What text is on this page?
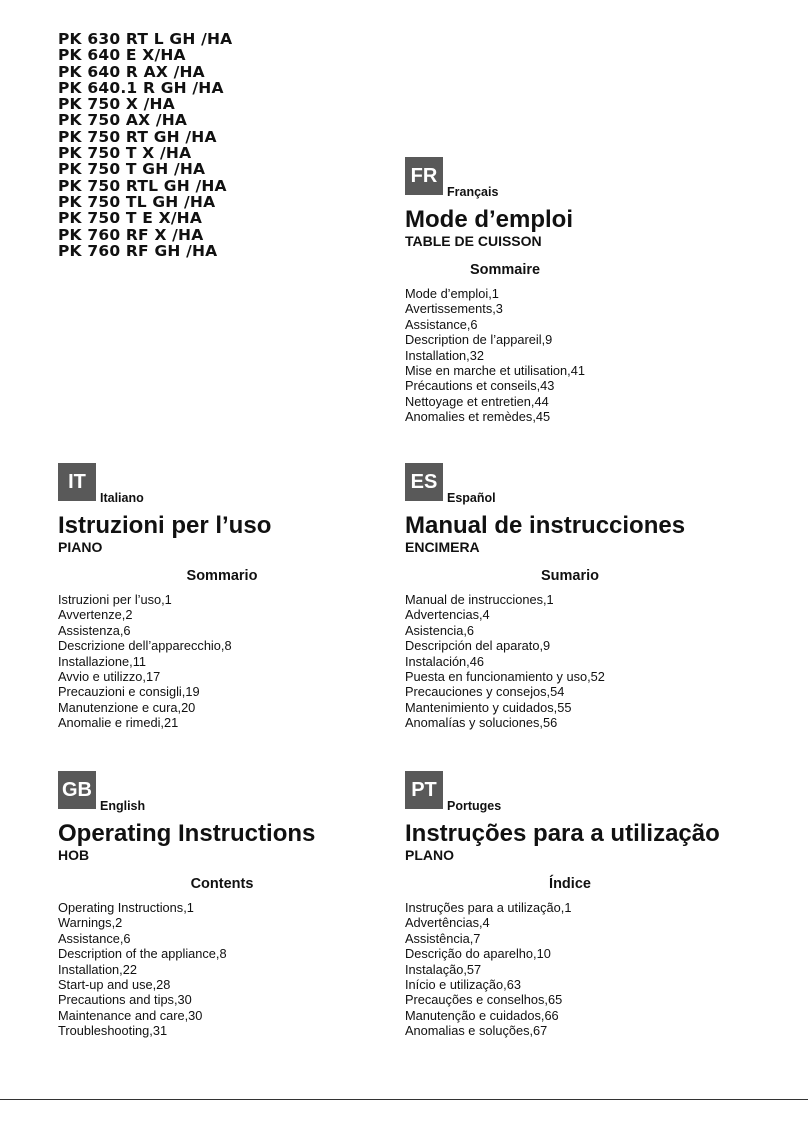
PK 630 RT L GH /HA
PK 640 E X/HA
PK 640 R AX /HA
PK 640.1 R GH /HA
PK 750 X /HA
PK 750 AX /HA
PK 750 RT GH /HA
PK 750 T X /HA
PK 750 T GH /HA
PK 750 RTL GH /HA
PK 750 TL GH /HA
PK 750 T E X/HA
PK 760 RF X /HA
PK 760 RF GH /HA
FR
Français
Mode d’emploi
TABLE DE CUISSON
Sommaire
Mode d’emploi,1
Avertissements,3
Assistance,6
Description de l’appareil,9
Installation,32
Mise en marche et utilisation,41
Précautions et conseils,43
Nettoyage et entretien,44
Anomalies et remèdes,45
IT
Italiano
Istruzioni per l’uso
PIANO
Sommario
Istruzioni per l’uso,1
Avvertenze,2
Assistenza,6
Descrizione dell’apparecchio,8
Installazione,11
Avvio e utilizzo,17
Precauzioni e consigli,19
Manutenzione e cura,20
Anomalie e rimedi,21
ES
Español
Manual de instrucciones
ENCIMERA
Sumario
Manual de instrucciones,1
Advertencias,4
Asistencia,6
Descripción del aparato,9
Instalación,46
Puesta en funcionamiento y uso,52
Precauciones y consejos,54
Mantenimiento y cuidados,55
Anomalías y soluciones,56
GB
English
Operating Instructions
HOB
Contents
Operating Instructions,1
Warnings,2
Assistance,6
Description of the appliance,8
Installation,22
Start-up and use,28
Precautions and tips,30
Maintenance and care,30
Troubleshooting,31
PT
Portuges
Instruções para a utilização
PLANO
Índice
Instruções para a utilização,1
Advertências,4
Assistência,7
Descrição do aparelho,10
Instalação,57
Início e utilização,63
Precauções e conselhos,65
Manutenção e cuidados,66
Anomalias e soluções,67
